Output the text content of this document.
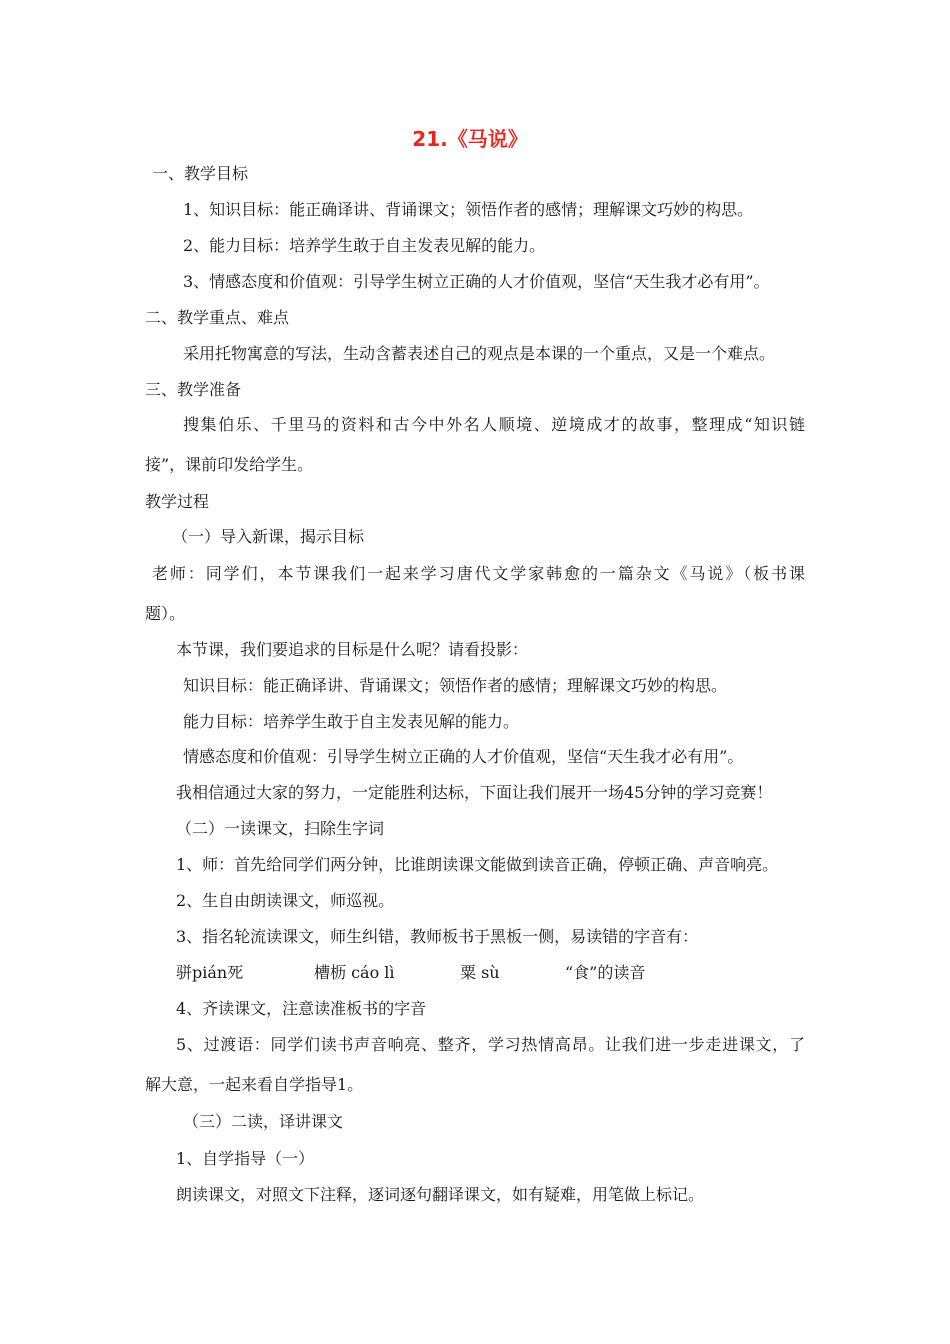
21.《马说》
一、教学目标
1、知识目标：能正确译讲、背诵课文；领悟作者的感情；理解课文巧妙的构思。
2、能力目标：培养学生敢于自主发表见解的能力。
3、情感态度和价值观：引导学生树立正确的人才价值观，坚信“天生我才必有用”。
二、教学重点、难点
采用托物寓意的写法，生动含蓄表述自己的观点是本课的一个重点，又是一个难点。
三、教学准备
搜集伯乐、千里马的资料和古今中外名人顺境、逆境成才的故事，整理成“知识链
接”，课前印发给学生。
教学过程
（一）导入新课，揭示目标
老师：同学们，本节课我们一起来学习唐代文学家韩愈的一篇杂文《马说》（板书课
题）。
本节课，我们要追求的目标是什么呢？请看投影：
知识目标：能正确译讲、背诵课文；领悟作者的感情；理解课文巧妙的构思。
能力目标：培养学生敢于自主发表见解的能力。
情感态度和价值观：引导学生树立正确的人才价值观，坚信“天生我才必有用”。
我相信通过大家的努力，一定能胜利达标，下面让我们展开一场45分钟的学习竞赛！
（二）一读课文，扫除生字词
1、师：首先给同学们两分钟，比谁朗读课文能做到读音正确，停顿正确、声音响亮。
2、生自由朗读课文，师巡视。
3、指名轮流读课文，师生纠错，教师板书于黑板一侧，易读错的字音有：
骈pián死	槽枥 cáo lì	粟 sù	“食”的读音
4、齐读课文，注意读准板书的字音
5、过渡语：同学们读书声音响亮、整齐，学习热情高昂。让我们进一步走进课文，了
解大意，一起来看自学指导1。
（三）二读，译讲课文
1、自学指导（一）
朗读课文，对照文下注释，逐词逐句翻译课文，如有疑难，用笔做上标记。
